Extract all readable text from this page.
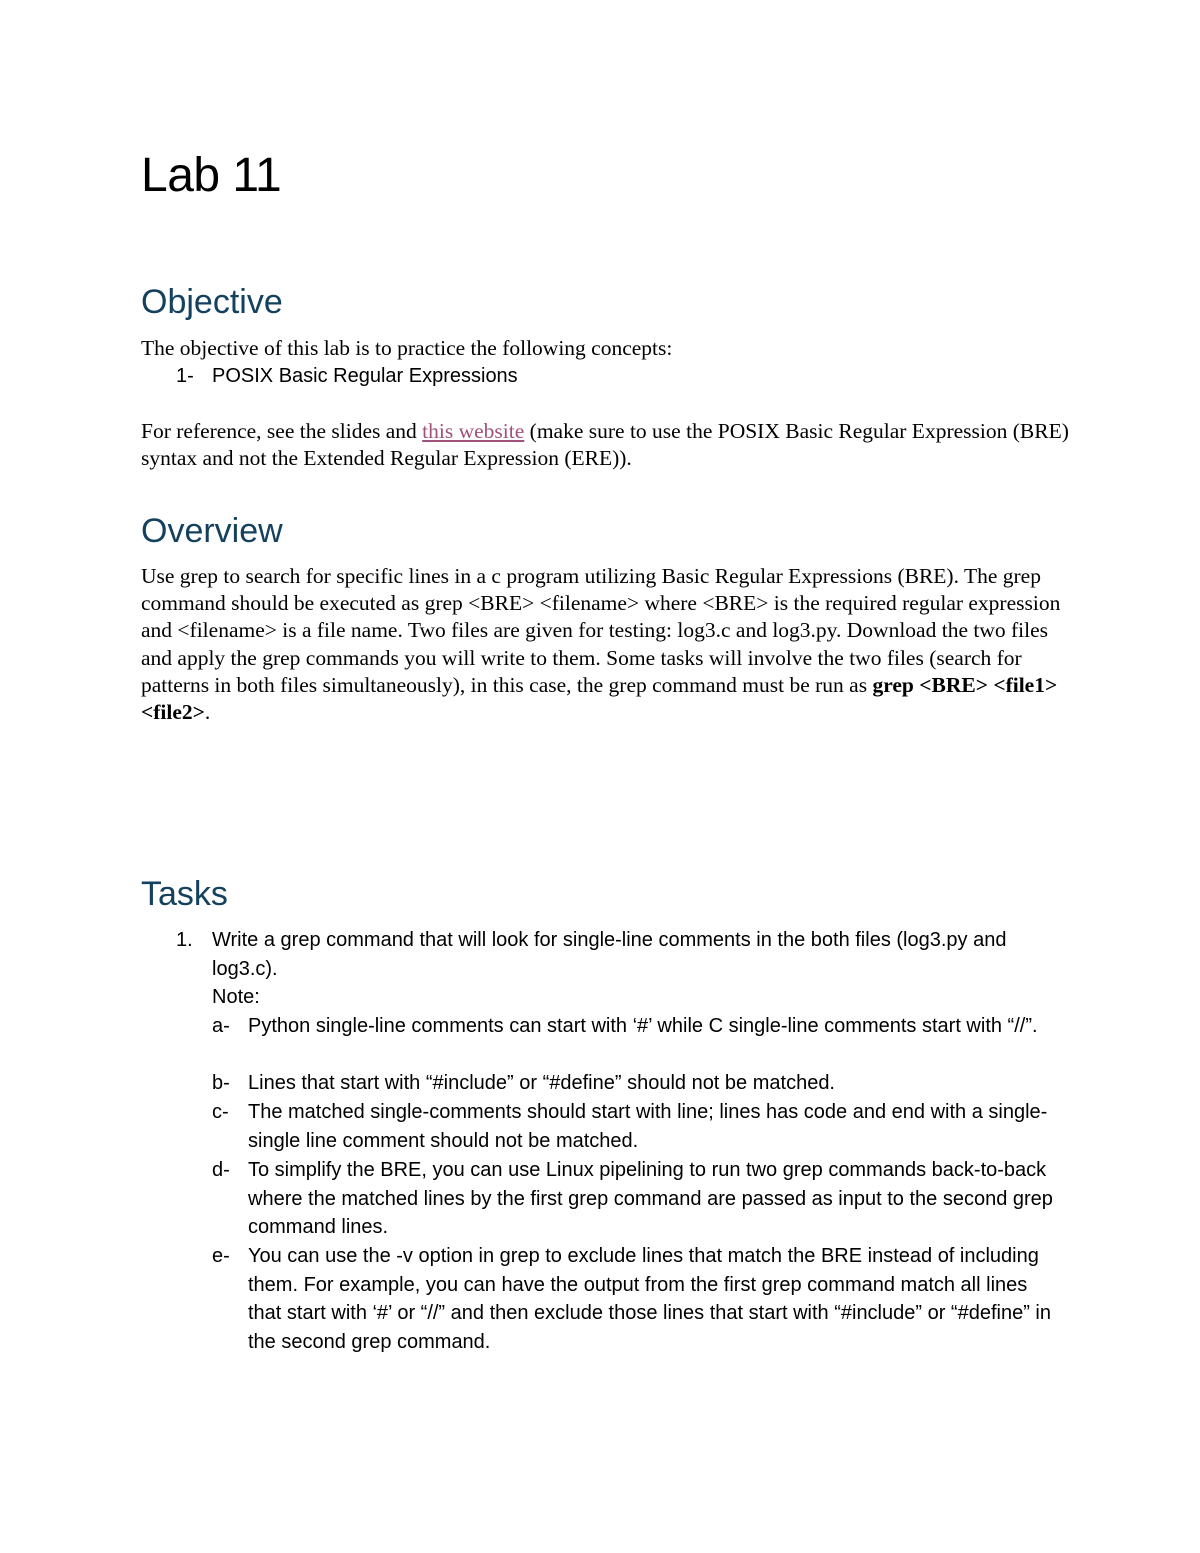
Lab 11
Objective

The objective of this lab is to practice the following concepts:

1- POSIX Basic Regular Expressions

For reference, see the slides and this website (make sure to use the POSIX Basic Regular Expression (BRE) syntax and not the Extended Regular Expression (ERE)).

Overview

Use grep to search for specific lines in a c program utilizing Basic Regular Expressions (BRE). The grep command should be executed as grep <BRE> <filename> where <BRE> is the required regular expression and <filename> is a file name. Two files are given for testing: log3.c and log3.py. Download the two files and apply the grep commands you will write to them. Some tasks will involve the two files (search for patterns in both files simultaneously), in this case, the grep command must be run as grep <BRE> <file1> <file2>.

Tasks
1. Write a grep command that will look for single-line comments in the both files (log3.py and log3.c).
Note:
a- Python single-line comments can start with ‘#’ while C single-line comments start with “//”.
b- Lines that start with “#include” or “#define” should not be matched.
c- The matched single-comments should start with line; lines has code and end with a single-single line comment should not be matched.
d- To simplify the BRE, you can use Linux pipelining to run two grep commands back-to-back where the matched lines by the first grep command are passed as input to the second grep command lines.
e- You can use the -v option in grep to exclude lines that match the BRE instead of including them. For example, you can have the output from the first grep command match all lines that start with ‘#’ or “//” and then exclude those lines that start with “#include” or “#define” in the second grep command.
